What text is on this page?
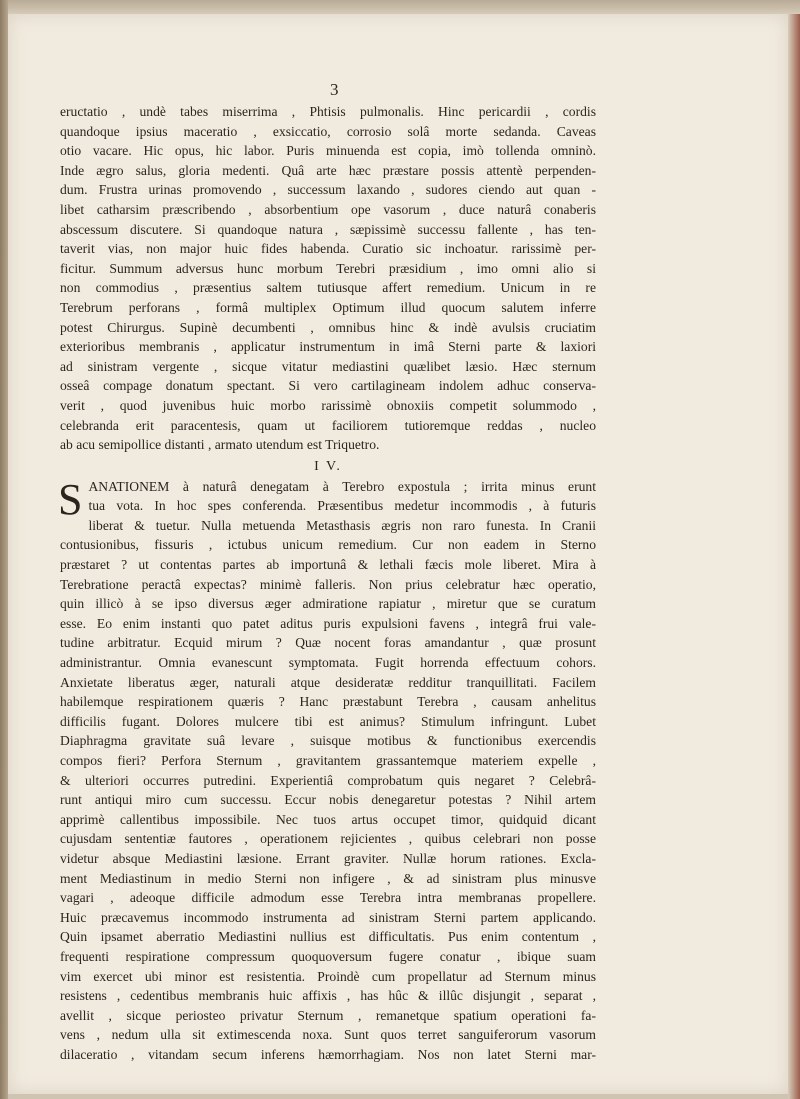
3
eructatio , undè tabes miserrima , Phtisis pulmonalis. Hinc pericardii , cordis
quandoque ipsius maceratio , exsiccatio, corrosio solâ morte sedanda. Caveas
otio vacare. Hic opus, hic labor. Puris minuenda est copia, imò tollenda omninò.
Inde ægro salus, gloria medenti. Quâ arte hæc præstare possis attentè perpenden-
dum. Frustra urinas promovendo , successum laxando , sudores ciendo aut quan -
libet catharsim præscribendo , absorbentium ope vasorum , duce naturâ conaberis
abscessum discutere. Si quandoque natura , sæpissimè successu fallente , has ten-
taverit vias, non major huic fides habenda. Curatio sic inchoatur. rarissimè per-
ficitur. Summum adversus hunc morbum Terebri præsidium , imo omni alio si
non commodius , præsentius saltem tutiusque affert remedium. Unicum in re
Terebrum perforans , formâ multiplex Optimum illud quocum salutem inferre
potest Chirurgus. Supinè decumbenti , omnibus hinc & indè avulsis cruciatim
exterioribus membranis , applicatur instrumentum in imâ Sterni parte & laxiori
ad sinistram vergente , sicque vitatur mediastini quælibet læsio. Hæc sternum
osseâ compage donatum spectant. Si vero cartilagineam indolem adhuc conserva-
verit , quod juvenibus huic morbo rarissimè obnoxiis competit solummodo ,
celebranda erit paracentesis, quam ut faciliorem tutioremque reddas , nucleo
ab acu semipollice distanti , armato utendum est Triquetro.
I V.
S ANATIONEM à naturâ denegatam à Terebro expostula ; irrita minus erunt
tua vota. In hoc spes conferenda. Præsentibus medetur incommodis , à futuris
liberat & tuetur. Nulla metuenda Metasthasis ægris non raro funesta. In Cranii
contusionibus, fissuris , ictubus unicum remedium. Cur non eadem in Sterno
præstaret ? ut contentas partes ab importunâ & lethali fæcis mole liberet. Mira à
Terebratione peractâ expectas? minimè falleris. Non prius celebratur hæc operatio,
quin illicò à se ipso diversus æger admiratione rapiatur , miretur que se curatum
esse. Eo enim instanti quo patet aditus puris expulsioni favens , integrâ frui vale-
tudine arbitratur. Ecquid mirum ? Quæ nocent foras amandantur , quæ prosunt
administrantur. Omnia evanescunt symptomata. Fugit horrenda effectuum cohors.
Anxietate liberatus æger, naturali atque desideratæ redditur tranquillitati. Facilem
habilemque respirationem quæris ? Hanc præstabunt Terebra , causam anhelitus
difficilis fugant. Dolores mulcere tibi est animus? Stimulum infringunt. Lubet
Diaphragma gravitate suâ levare , suisque motibus & functionibus exercendis
compos fieri? Perfora Sternum , gravitantem grassantemque materiem expelle ,
& ulteriori occurres putredini. Experientiâ comprobatum quis negaret ? Celebrâ-
runt antiqui miro cum successu. Eccur nobis denegaretur potestas ? Nihil artem
apprimè callentibus impossibile. Nec tuos artus occupet timor, quidquid dicant
cujusdam sententiæ fautores , operationem rejicientes , quibus celebrari non posse
videtur absque Mediastini læsione. Errant graviter. Nullæ horum rationes. Excla-
ment Mediastinum in medio Sterni non infigere , & ad sinistram plus minusve
vagari , adeoque difficile admodum esse Terebra intra membranas propellere.
Huic præcavemus incommodo instrumenta ad sinistram Sterni partem applicando.
Quin ipsamet aberratio Mediastini nullius est difficultatis. Pus enim contentum ,
frequenti respiratione compressum quoquoversum fugere conatur , ibique suam
vim exercet ubi minor est resistentia. Proindè cum propellatur ad Sternum minus
resistens , cedentibus membranis huic affixis , has hûc & illûc disjungit , separat ,
avellit , sicque periosteo privatur Sternum , remanetque spatium operationi fa-
vens , nedum ulla sit extimescenda noxa. Sunt quos terret sanguiferorum vasorum
dilaceratio , vitandam secum inferens hæmorrhagiam. Nos non latet Sterni mar-
